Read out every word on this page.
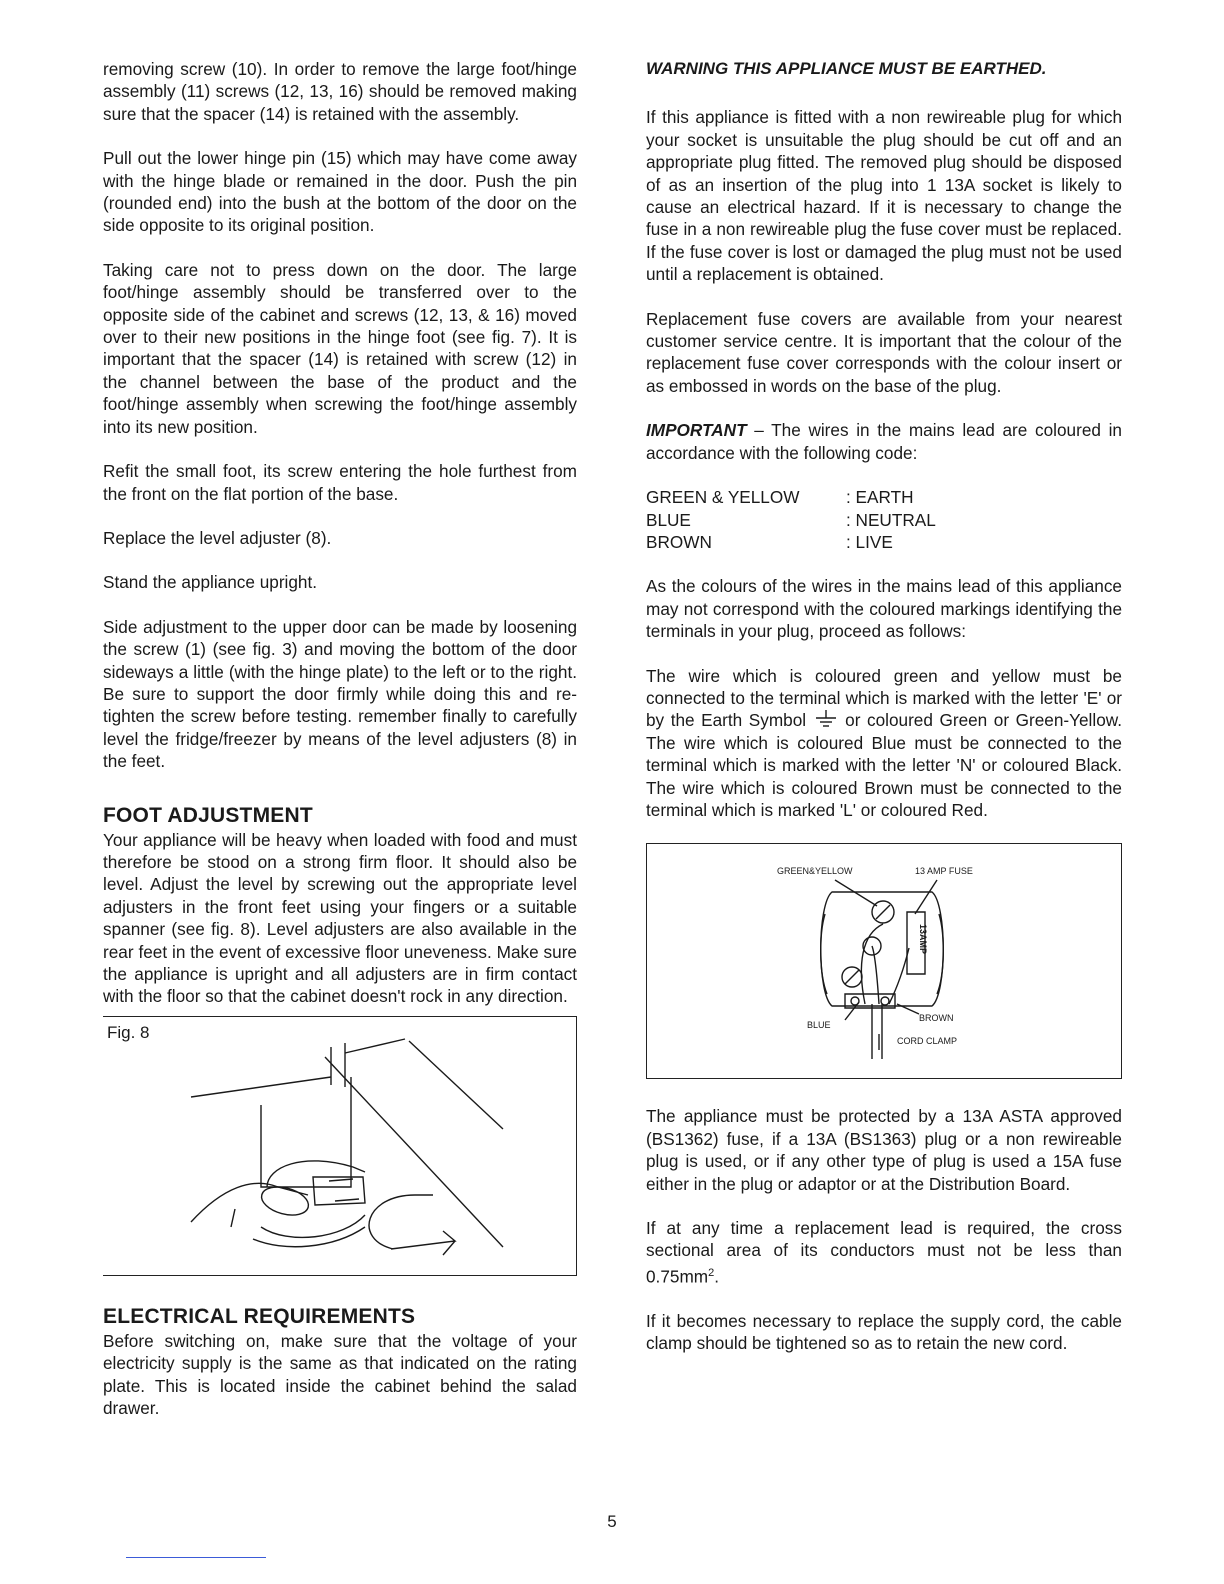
removing screw (10). In order to remove the large foot/hinge assembly (11) screws (12, 13, 16) should be removed making sure that the spacer (14) is retained with the assembly.

Pull out the lower hinge pin (15) which may have come away with the hinge blade or remained in the door. Push the pin (rounded end) into the bush at the bottom of the door on the side opposite to its original position.

Taking care not to press down on the door. The large foot/hinge assembly should be transferred over to the opposite side of the cabinet and screws (12, 13, & 16) moved over to their new positions in the hinge foot (see fig. 7). It is important that the spacer (14) is retained with screw (12) in the channel between the base of the product and the foot/hinge assembly when screwing the foot/hinge assembly into its new position.

Refit the small foot, its screw entering the hole furthest from the front on the flat portion of the base.

Replace the level adjuster (8).

Stand the appliance upright.

Side adjustment to the upper door can be made by loosening the screw (1) (see fig. 3) and moving the bottom of the door sideways a little (with the hinge plate) to the left or to the right. Be sure to support the door firmly while doing this and re-tighten the screw before testing. remember finally to carefully level the fridge/freezer by means of the level adjusters (8) in the feet.

FOOT ADJUSTMENT

Your appliance will be heavy when loaded with food and must therefore be stood on a strong firm floor. It should also be level. Adjust the level by screwing out the appropriate level adjusters in the front feet using your fingers or a suitable spanner (see fig. 8). Level adjusters are also available in the rear feet in the event of excessive floor uneveness. Make sure the appliance is upright and all adjusters are in firm contact with the floor so that the cabinet doesn't rock in any direction.

Fig. 8
ELECTRICAL REQUIREMENTS

Before switching on, make sure that the voltage of your electricity supply is the same as that indicated on the rating plate. This is located inside the cabinet behind the salad drawer.

WARNING THIS APPLIANCE MUST BE EARTHED.

If this appliance is fitted with a non rewireable plug for which your socket is unsuitable the plug should be cut off and an appropriate plug fitted. The removed plug should be disposed of as an insertion of the plug into 1 13A socket is likely to cause an electrical hazard. If it is necessary to change the fuse in a non rewireable plug the fuse cover must be replaced. If the fuse cover is lost or damaged the plug must not be used until a replacement is obtained.

Replacement fuse covers are available from your nearest customer service centre. It is important that the colour of the replacement fuse cover corresponds with the colour insert or as embossed in words on the base of the plug.

IMPORTANT – The wires in the mains lead are coloured in accordance with the following code:

GREEN & YELLOW	: EARTH
BLUE	: NEUTRAL
BROWN	: LIVE

As the colours of the wires in the mains lead of this appliance may not correspond with the coloured markings identifying the terminals in your plug, proceed as follows:

The wire which is coloured green and yellow must be connected to the terminal which is marked with the letter 'E' or by the Earth Symbol  or coloured Green or Green-Yellow. The wire which is coloured Blue must be connected to the terminal which is marked with the letter 'N' or coloured Black. The wire which is coloured Brown must be connected to the terminal which is marked 'L' or coloured Red.

GREEN&YELLOW	13 AMP FUSE
BLUE
BROWN
CORD CLAMP
13AMP

The appliance must be protected by a 13A ASTA approved (BS1362) fuse, if a 13A (BS1363) plug or a non rewireable plug is used, or if any other type of plug is used a 15A fuse either in the plug or adaptor or at the Distribution Board.

If at any time a replacement lead is required, the cross sectional area of its conductors must not be less than $0.75mm^2$.

If it becomes necessary to replace the supply cord, the cable clamp should be tightened so as to retain the new cord.

5
